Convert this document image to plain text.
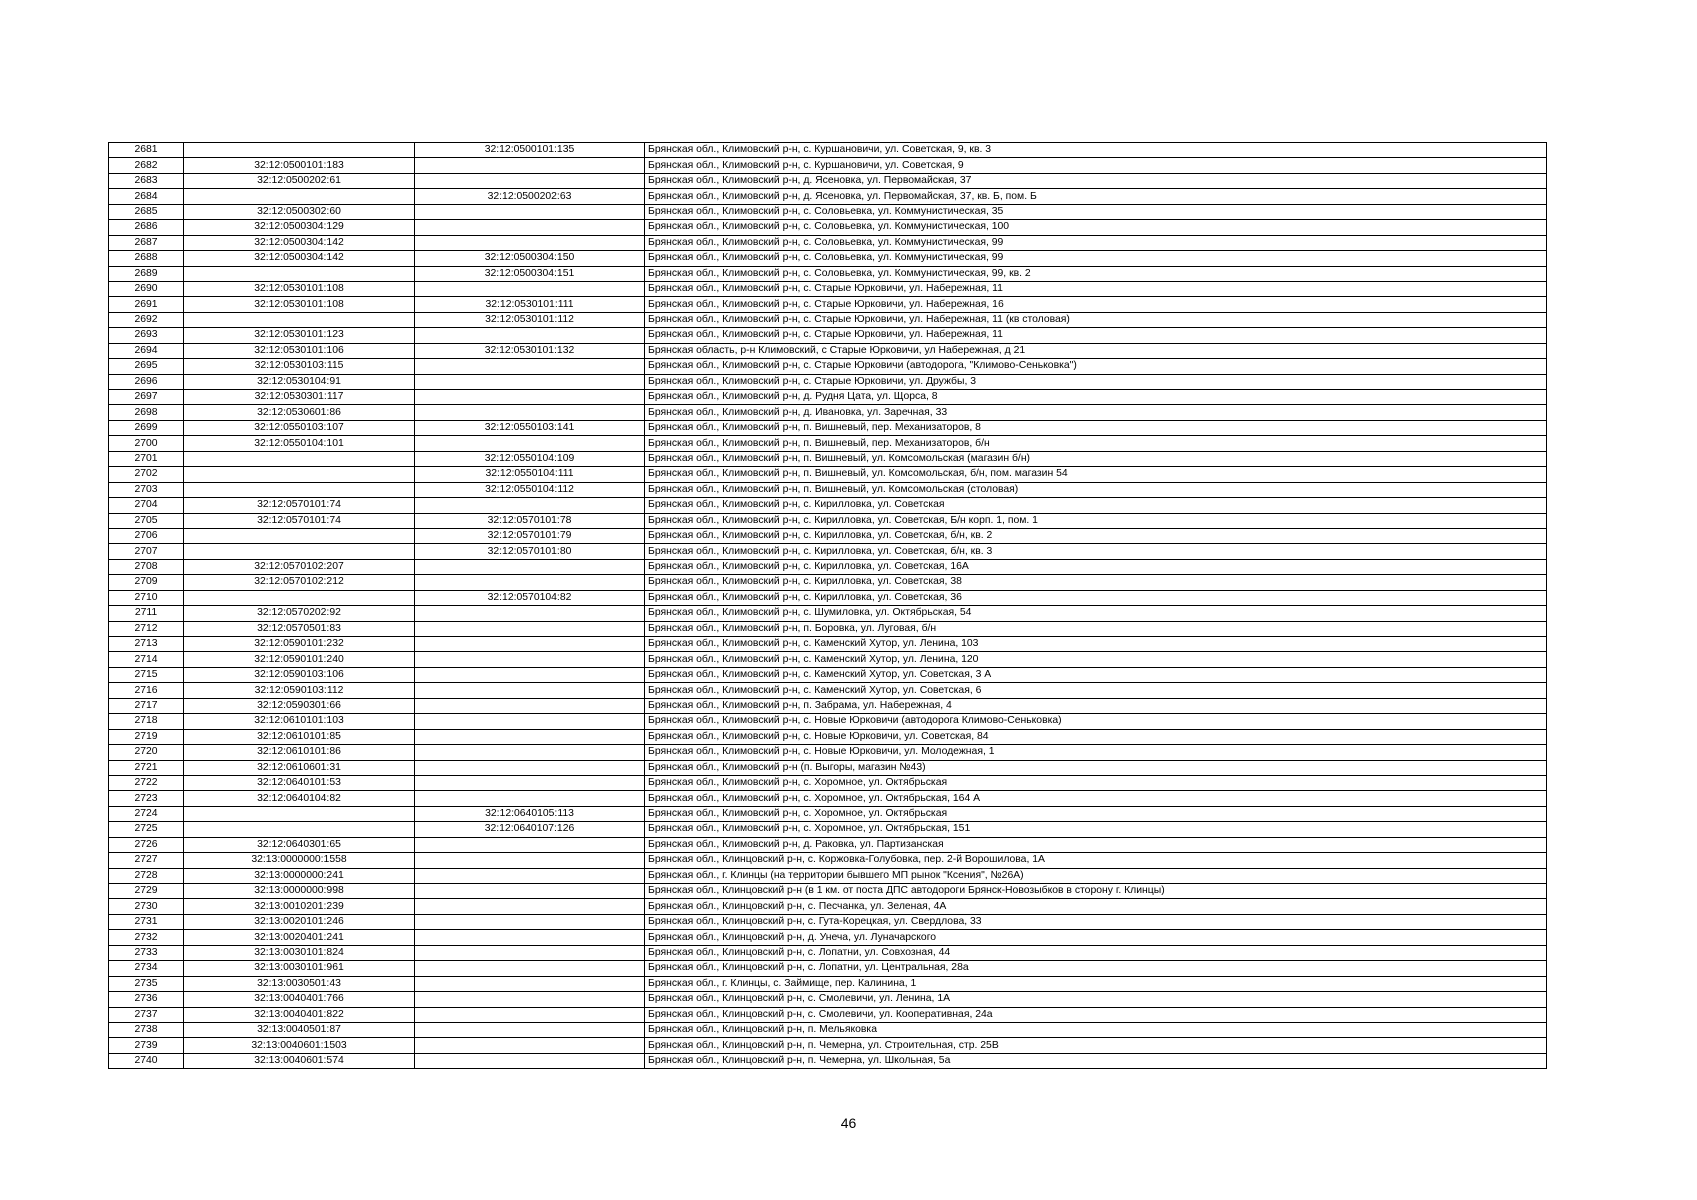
2681		32:12:0500101:135	Брянская обл., Климовский р-н, с. Куршановичи, ул. Советская, 9, кв. 3
2682	32:12:0500101:183		Брянская обл., Климовский р-н, с. Куршановичи, ул. Советская, 9
2683	32:12:0500202:61		Брянская обл., Климовский р-н, д. Ясеновка, ул. Первомайская, 37
2684		32:12:0500202:63	Брянская обл., Климовский р-н, д. Ясеновка, ул. Первомайская, 37, кв. Б, пом. Б
2685	32:12:0500302:60		Брянская обл., Климовский р-н, с. Соловьевка, ул. Коммунистическая, 35
2686	32:12:0500304:129		Брянская обл., Климовский р-н, с. Соловьевка, ул. Коммунистическая, 100
2687	32:12:0500304:142		Брянская обл., Климовский р-н, с. Соловьевка, ул. Коммунистическая, 99
2688	32:12:0500304:142	32:12:0500304:150	Брянская обл., Климовский р-н, с. Соловьевка, ул. Коммунистическая, 99
2689		32:12:0500304:151	Брянская обл., Климовский р-н, с. Соловьевка, ул. Коммунистическая, 99, кв. 2
2690	32:12:0530101:108		Брянская обл., Климовский р-н, с. Старые Юрковичи, ул. Набережная, 11
2691	32:12:0530101:108	32:12:0530101:111	Брянская обл., Климовский р-н, с. Старые Юрковичи, ул. Набережная, 16
2692		32:12:0530101:112	Брянская обл., Климовский р-н, с. Старые Юрковичи, ул. Набережная, 11 (кв столовая)
2693	32:12:0530101:123		Брянская обл., Климовский р-н, с. Старые Юрковичи, ул. Набережная, 11
2694	32:12:0530101:106	32:12:0530101:132	Брянская область, р-н Климовский, с Старые Юрковичи, ул Набережная, д 21
2695	32:12:0530103:115		Брянская обл., Климовский р-н, с. Старые Юрковичи (автодорога, "Климово-Сеньковка")
2696	32:12:0530104:91		Брянская обл., Климовский р-н, с. Старые Юрковичи, ул. Дружбы, 3
2697	32:12:0530301:117		Брянская обл., Климовский р-н, д. Рудня Цата, ул. Щорса, 8
2698	32:12:0530601:86		Брянская обл., Климовский р-н, д. Ивановка, ул. Заречная, 33
2699	32:12:0550103:107	32:12:0550103:141	Брянская обл., Климовский р-н, п. Вишневый, пер. Механизаторов, 8
2700	32:12:0550104:101		Брянская обл., Климовский р-н, п. Вишневый, пер. Механизаторов, б/н
2701		32:12:0550104:109	Брянская обл., Климовский р-н, п. Вишневый, ул. Комсомольская (магазин б/н)
2702		32:12:0550104:111	Брянская обл., Климовский р-н, п. Вишневый, ул. Комсомольская, б/н, пом. магазин 54
2703		32:12:0550104:112	Брянская обл., Климовский р-н, п. Вишневый, ул. Комсомольская (столовая)
2704	32:12:0570101:74		Брянская обл., Климовский р-н, с. Кирилловка, ул. Советская
2705	32:12:0570101:74	32:12:0570101:78	Брянская обл., Климовский р-н, с. Кирилловка, ул. Советская, Б/н корп. 1, пом. 1
2706		32:12:0570101:79	Брянская обл., Климовский р-н, с. Кирилловка, ул. Советская, б/н, кв. 2
2707		32:12:0570101:80	Брянская обл., Климовский р-н, с. Кирилловка, ул. Советская, б/н, кв. 3
2708	32:12:0570102:207		Брянская обл., Климовский р-н, с. Кирилловка, ул. Советская, 16А
2709	32:12:0570102:212		Брянская обл., Климовский р-н, с. Кирилловка, ул. Советская, 38
2710		32:12:0570104:82	Брянская обл., Климовский р-н, с. Кирилловка, ул. Советская, 36
2711	32:12:0570202:92		Брянская обл., Климовский р-н, с. Шумиловка, ул. Октябрьская, 54
2712	32:12:0570501:83		Брянская обл., Климовский р-н, п. Боровка, ул. Луговая, б/н
2713	32:12:0590101:232		Брянская обл., Климовский р-н, с. Каменский Хутор, ул. Ленина, 103
2714	32:12:0590101:240		Брянская обл., Климовский р-н, с. Каменский Хутор, ул. Ленина, 120
2715	32:12:0590103:106		Брянская обл., Климовский р-н, с. Каменский Хутор, ул. Советская, 3 А
2716	32:12:0590103:112		Брянская обл., Климовский р-н, с. Каменский Хутор, ул. Советская, 6
2717	32:12:0590301:66		Брянская обл., Климовский р-н, п. Забрама, ул. Набережная, 4
2718	32:12:0610101:103		Брянская обл., Климовский р-н, с. Новые Юрковичи (автодорога Климово-Сеньковка)
2719	32:12:0610101:85		Брянская обл., Климовский р-н, с. Новые Юрковичи, ул. Советская, 84
2720	32:12:0610101:86		Брянская обл., Климовский р-н, с. Новые Юрковичи, ул. Молодежная, 1
2721	32:12:0610601:31		Брянская обл., Климовский р-н (п. Выгоры, магазин №43)
2722	32:12:0640101:53		Брянская обл., Климовский р-н, с. Хоромное, ул. Октябрьская
2723	32:12:0640104:82		Брянская обл., Климовский р-н, с. Хоромное, ул. Октябрьская, 164 А
2724		32:12:0640105:113	Брянская обл., Климовский р-н, с. Хоромное, ул. Октябрьская
2725		32:12:0640107:126	Брянская обл., Климовский р-н, с. Хоромное, ул. Октябрьская, 151
2726	32:12:0640301:65		Брянская обл., Климовский р-н, д. Раковка, ул. Партизанская
2727	32:13:0000000:1558		Брянская обл., Клинцовский р-н, с. Коржовка-Голубовка, пер. 2-й Ворошилова, 1А
2728	32:13:0000000:241		Брянская обл., г. Клинцы (на территории бывшего МП рынок "Ксения", №26А)
2729	32:13:0000000:998		Брянская обл., Клинцовский р-н (в 1 км. от поста ДПС автодороги Брянск-Новозыбков в сторону г. Клинцы)
2730	32:13:0010201:239		Брянская обл., Клинцовский р-н, с. Песчанка, ул. Зеленая, 4А
2731	32:13:0020101:246		Брянская обл., Клинцовский р-н, с. Гута-Корецкая, ул. Свердлова, 33
2732	32:13:0020401:241		Брянская обл., Клинцовский р-н, д. Унеча, ул. Луначарского
2733	32:13:0030101:824		Брянская обл., Клинцовский р-н, с. Лопатни, ул. Совхозная, 44
2734	32:13:0030101:961		Брянская обл., Клинцовский р-н, с. Лопатни, ул. Центральная, 28а
2735	32:13:0030501:43		Брянская обл., г. Клинцы, с. Займище, пер. Калинина, 1
2736	32:13:0040401:766		Брянская обл., Клинцовский р-н, с. Смолевичи, ул. Ленина, 1А
2737	32:13:0040401:822		Брянская обл., Клинцовский р-н, с. Смолевичи, ул. Кооперативная, 24а
2738	32:13:0040501:87		Брянская обл., Клинцовский р-н, п. Мельяковка
2739	32:13:0040601:1503		Брянская обл., Клинцовский р-н, п. Чемерна, ул. Строительная, стр. 25В
2740	32:13:0040601:574		Брянская обл., Клинцовский р-н, п. Чемерна, ул. Школьная, 5а
46
